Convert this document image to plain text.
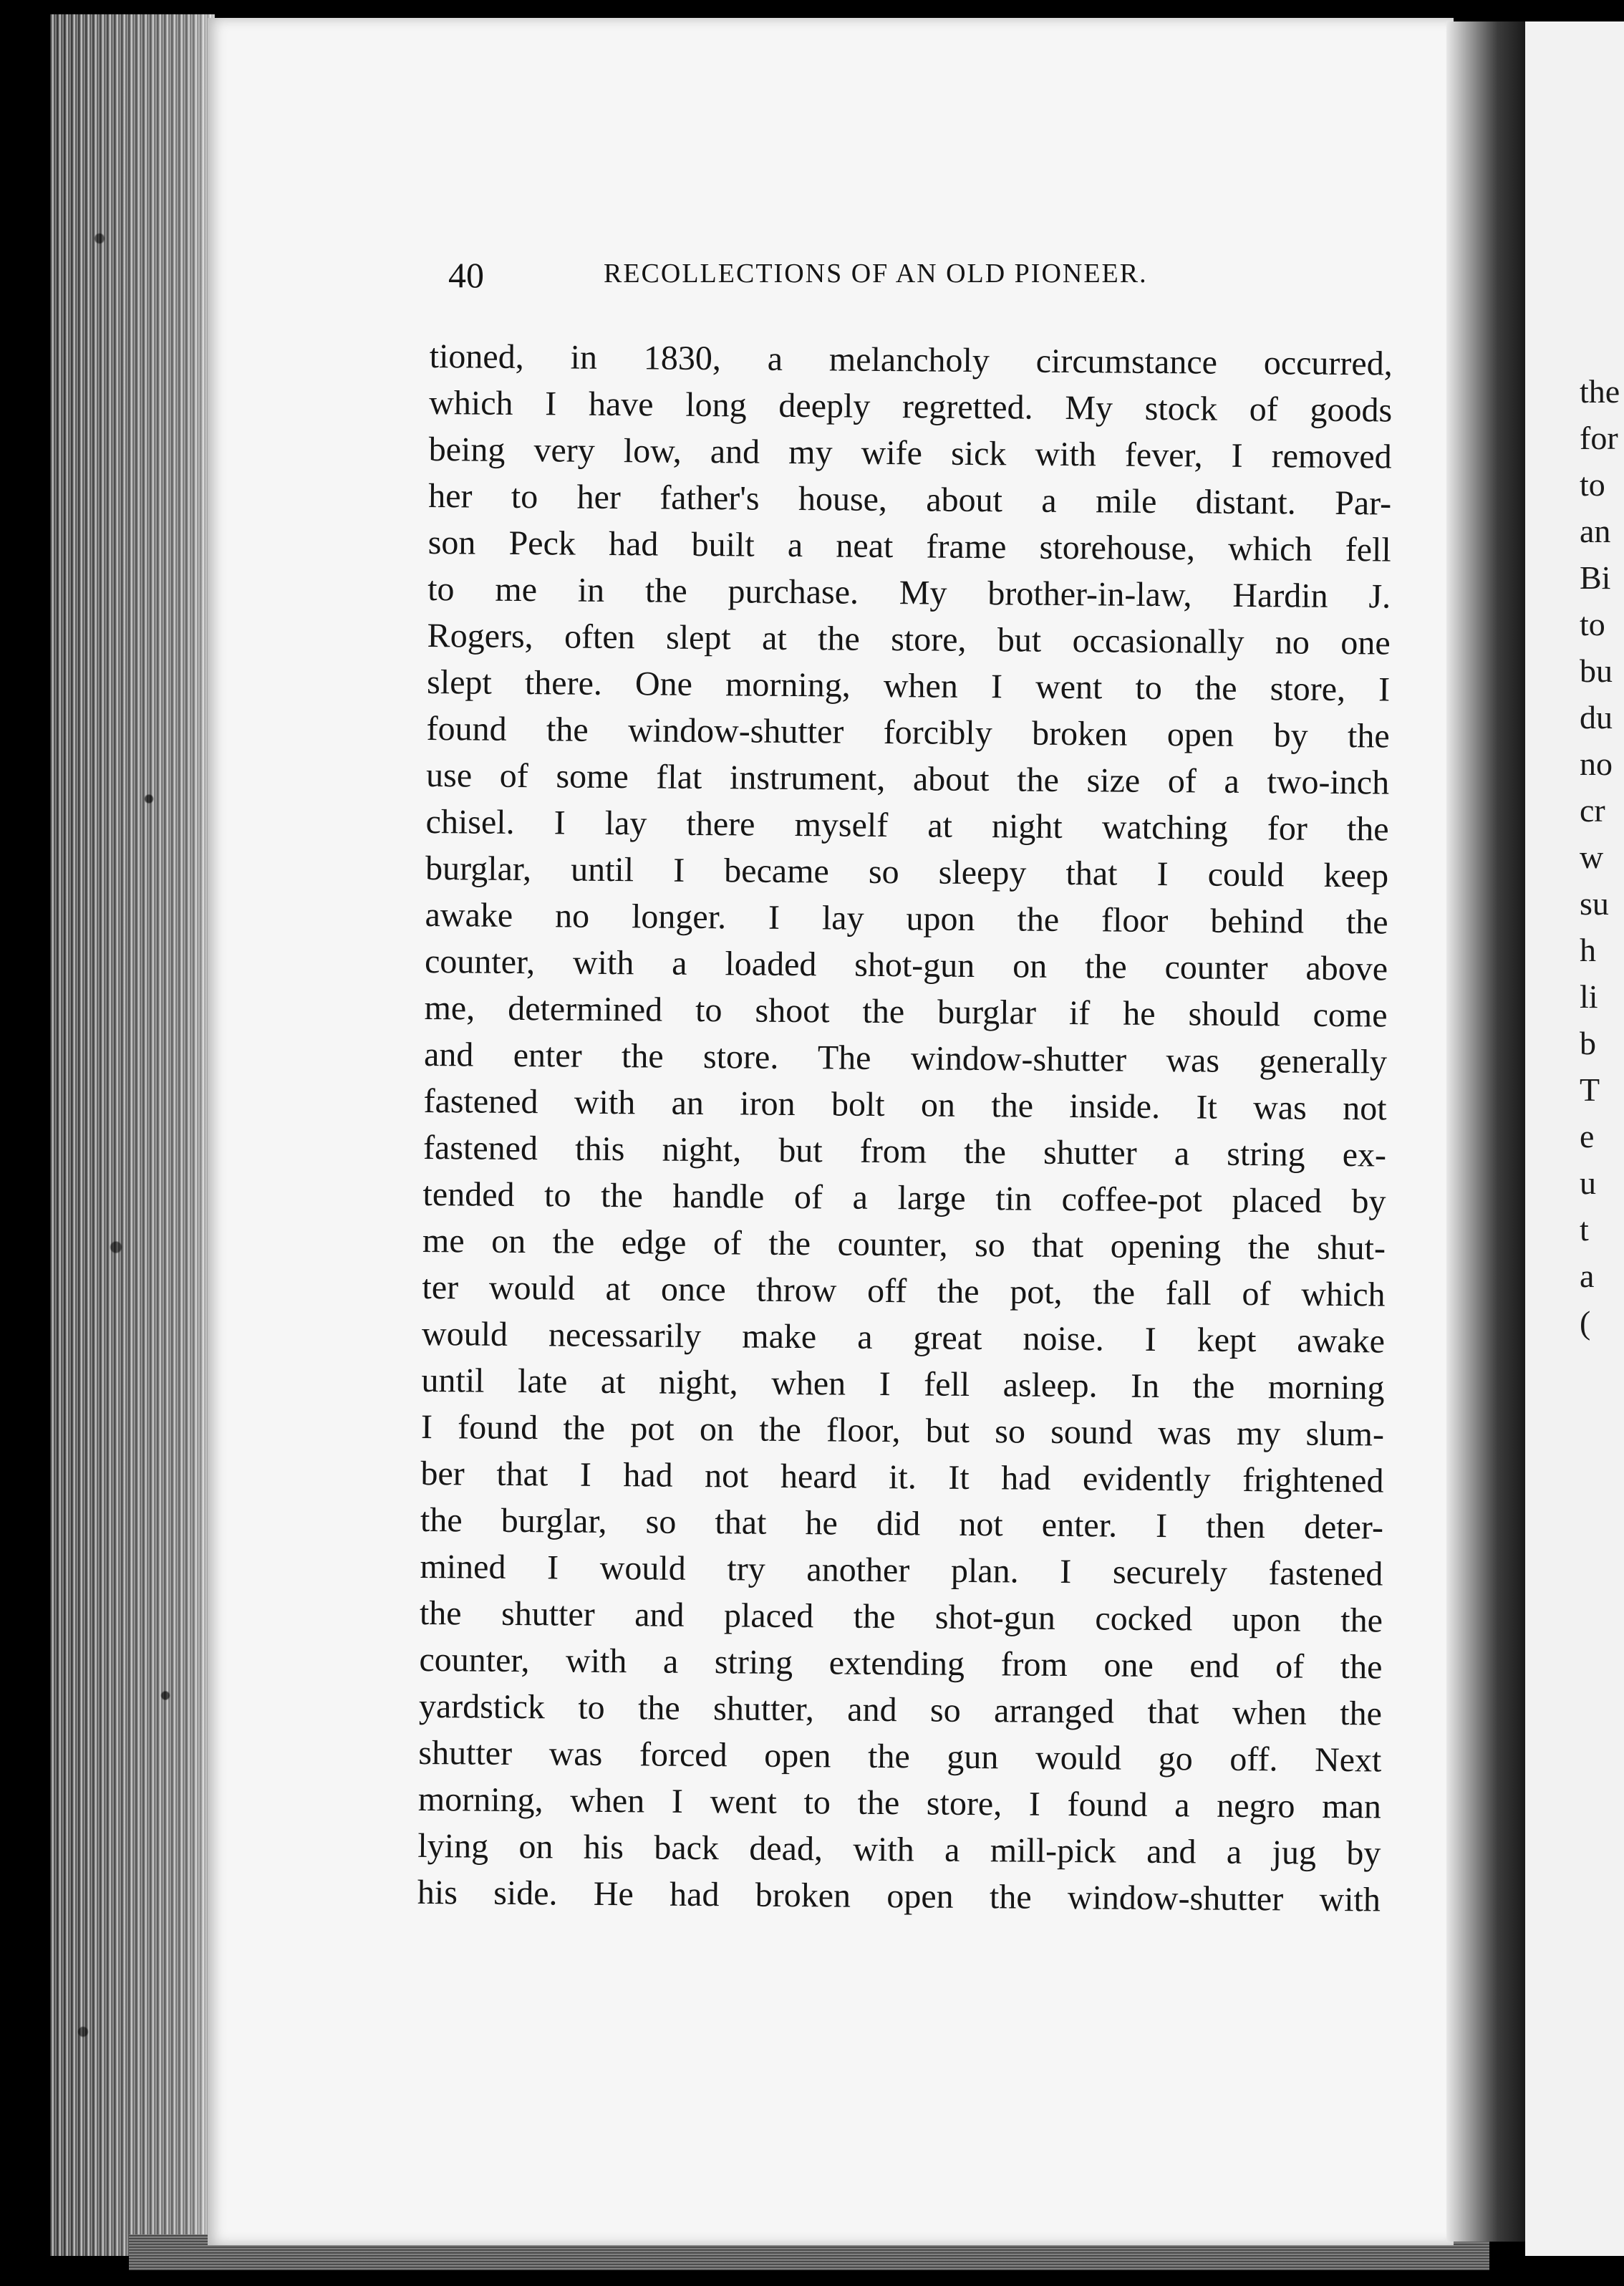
the
for
to
an
Bi
to
bu
du
no
cr
w
su
h
li
b
T
e
u
t
a
(
40	RECOLLECTIONS OF AN OLD PIONEER.
tioned, in 1830, a melancholy circumstance occurred,
which I have long deeply regretted. My stock of goods
being very low, and my wife sick with fever, I removed
her to her father's house, about a mile distant. Par-
son Peck had built a neat frame storehouse, which fell
to me in the purchase. My brother-in-law, Hardin J.
Rogers, often slept at the store, but occasionally no one
slept there. One morning, when I went to the store, I
found the window-shutter forcibly broken open by the
use of some flat instrument, about the size of a two-inch
chisel. I lay there myself at night watching for the
burglar, until I became so sleepy that I could keep
awake no longer. I lay upon the floor behind the
counter, with a loaded shot-gun on the counter above
me, determined to shoot the burglar if he should come
and enter the store. The window-shutter was generally
fastened with an iron bolt on the inside. It was not
fastened this night, but from the shutter a string ex-
tended to the handle of a large tin coffee-pot placed by
me on the edge of the counter, so that opening the shut-
ter would at once throw off the pot, the fall of which
would necessarily make a great noise. I kept awake
until late at night, when I fell asleep. In the morning
I found the pot on the floor, but so sound was my slum-
ber that I had not heard it. It had evidently frightened
the burglar, so that he did not enter. I then deter-
mined I would try another plan. I securely fastened
the shutter and placed the shot-gun cocked upon the
counter, with a string extending from one end of the
yardstick to the shutter, and so arranged that when the
shutter was forced open the gun would go off. Next
morning, when I went to the store, I found a negro man
lying on his back dead, with a mill-pick and a jug by
his side. He had broken open the window-shutter with
